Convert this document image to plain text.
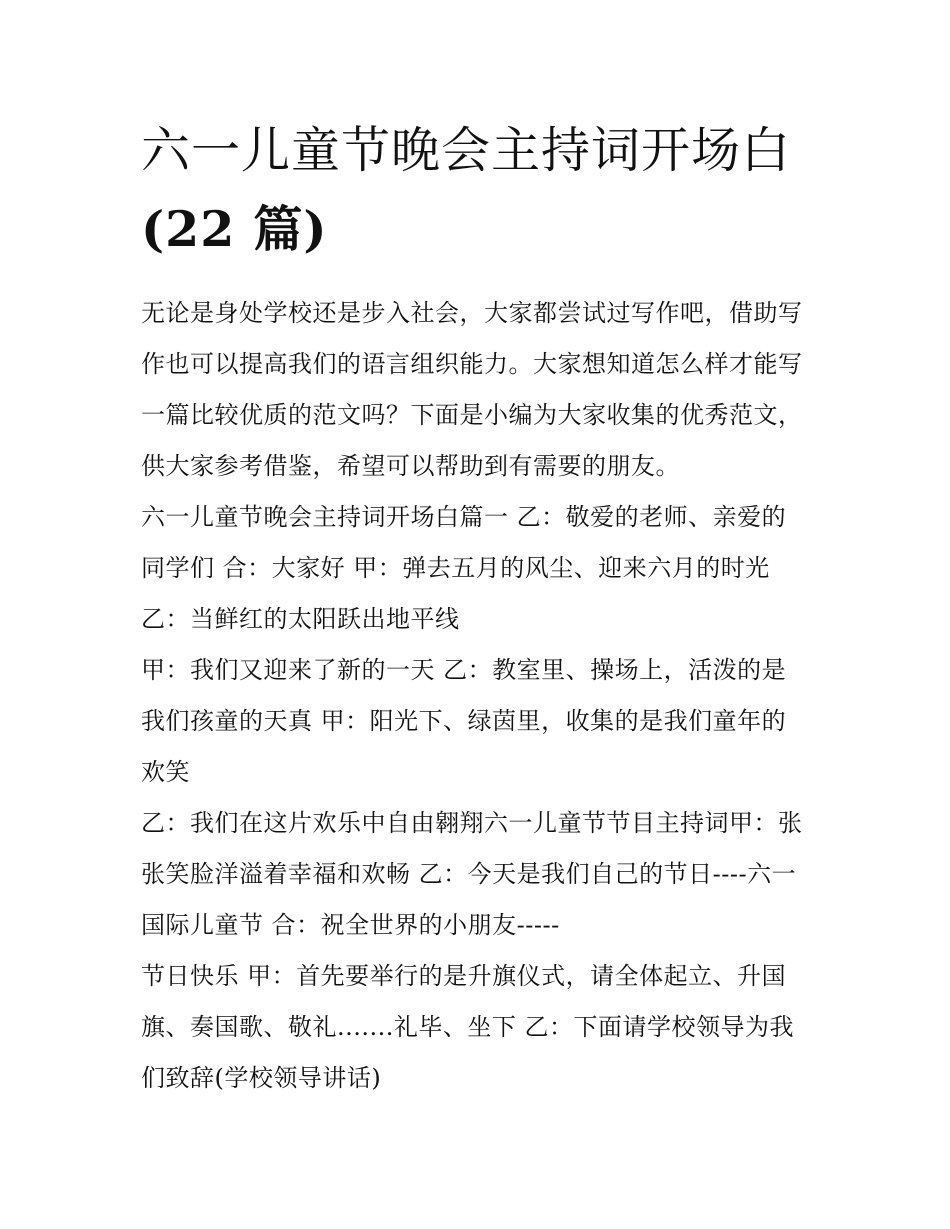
六一儿童节晚会主持词开场白
(22 篇)
无论是身处学校还是步入社会，大家都尝试过写作吧，借助写
作也可以提高我们的语言组织能力。大家想知道怎么样才能写
一篇比较优质的范文吗？下面是小编为大家收集的优秀范文，
供大家参考借鉴，希望可以帮助到有需要的朋友。
六一儿童节晚会主持词开场白篇一 乙：敬爱的老师、亲爱的
同学们 合：大家好 甲：弹去五月的风尘、迎来六月的时光
乙：当鲜红的太阳跃出地平线
甲：我们又迎来了新的一天 乙：教室里、操场上，活泼的是
我们孩童的天真 甲：阳光下、绿茵里，收集的是我们童年的
欢笑
乙：我们在这片欢乐中自由翱翔六一儿童节节目主持词甲：张
张笑脸洋溢着幸福和欢畅 乙：今天是我们自己的节日----六一
国际儿童节 合：祝全世界的小朋友-----
节日快乐 甲：首先要举行的是升旗仪式，请全体起立、升国
旗、奏国歌、敬礼.......礼毕、坐下 乙：下面请学校领导为我
们致辞(学校领导讲话)
